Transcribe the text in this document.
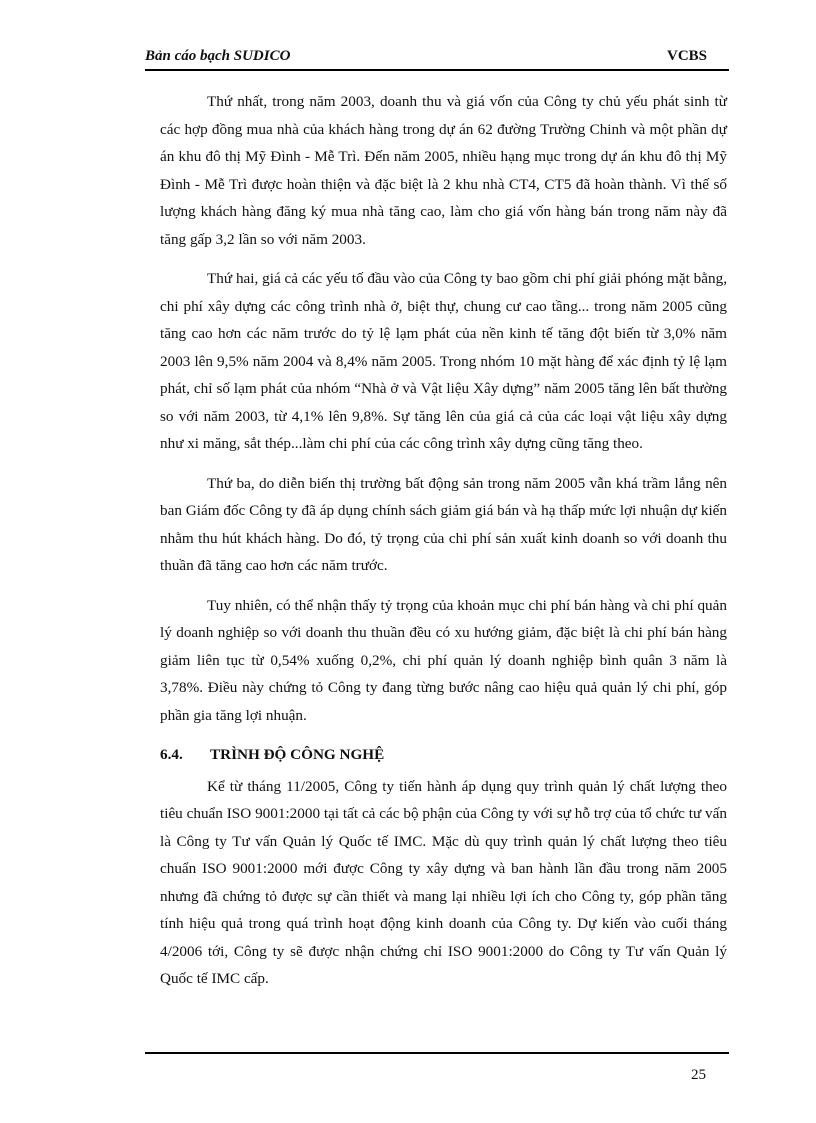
Bản cáo bạch SUDICO	VCBS

Thứ nhất, trong năm 2003, doanh thu và giá vốn của Công ty chủ yếu phát sinh từ các hợp đồng mua nhà của khách hàng trong dự án 62 đường Trường Chinh và một phần dự án khu đô thị Mỹ Đình - Mễ Trì. Đến năm 2005, nhiều hạng mục trong dự án khu đô thị Mỹ Đình - Mễ Trì được hoàn thiện và đặc biệt là 2 khu nhà CT4, CT5 đã hoàn thành. Vì thế số lượng khách hàng đăng ký mua nhà tăng cao, làm cho giá vốn hàng bán trong năm này đã tăng gấp 3,2 lần so với năm 2003.

Thứ hai, giá cả các yếu tố đầu vào của Công ty bao gồm chi phí giải phóng mặt bằng, chi phí xây dựng các công trình nhà ở, biệt thự, chung cư cao tầng... trong năm 2005 cũng tăng cao hơn các năm trước do tỷ lệ lạm phát của nền kinh tế tăng đột biến từ 3,0% năm 2003 lên 9,5% năm 2004 và 8,4% năm 2005. Trong nhóm 10 mặt hàng để xác định tỷ lệ lạm phát, chỉ số lạm phát của nhóm “Nhà ở và Vật liệu Xây dựng” năm 2005 tăng lên bất thường so với năm 2003, từ 4,1% lên 9,8%. Sự tăng lên của giá cả của các loại vật liệu xây dựng như xi măng, sắt thép...làm chi phí của các công trình xây dựng cũng tăng theo.

Thứ ba, do diễn biến thị trường bất động sản trong năm 2005 vẫn khá trầm lắng nên ban Giám đốc Công ty đã áp dụng chính sách giảm giá bán và hạ thấp mức lợi nhuận dự kiến nhằm thu hút khách hàng. Do đó, tỷ trọng của chi phí sản xuất kinh doanh so với doanh thu thuần đã tăng cao hơn các năm trước.

Tuy nhiên, có thể nhận thấy tỷ trọng của khoản mục chi phí bán hàng và chi phí quản lý doanh nghiệp so với doanh thu thuần đều có xu hướng giảm, đặc biệt là chi phí bán hàng giảm liên tục từ 0,54% xuống 0,2%, chi phí quản lý doanh nghiệp bình quân 3 năm là 3,78%. Điều này chứng tỏ Công ty đang từng bước nâng cao hiệu quả quản lý chi phí, góp phần gia tăng lợi nhuận.

6.4. TRÌNH ĐỘ CÔNG NGHỆ

Kể từ tháng 11/2005, Công ty tiến hành áp dụng quy trình quản lý chất lượng theo tiêu chuẩn ISO 9001:2000 tại tất cả các bộ phận của Công ty với sự hỗ trợ của tổ chức tư vấn là Công ty Tư vấn Quản lý Quốc tế IMC. Mặc dù quy trình quản lý chất lượng theo tiêu chuẩn ISO 9001:2000 mới được Công ty xây dựng và ban hành lần đầu trong năm 2005 nhưng đã chứng tỏ được sự cần thiết và mang lại nhiều lợi ích cho Công ty, góp phần tăng tính hiệu quả trong quá trình hoạt động kinh doanh của Công ty. Dự kiến vào cuối tháng 4/2006 tới, Công ty sẽ được nhận chứng chỉ ISO 9001:2000 do Công ty Tư vấn Quản lý Quốc tế IMC cấp.

25
